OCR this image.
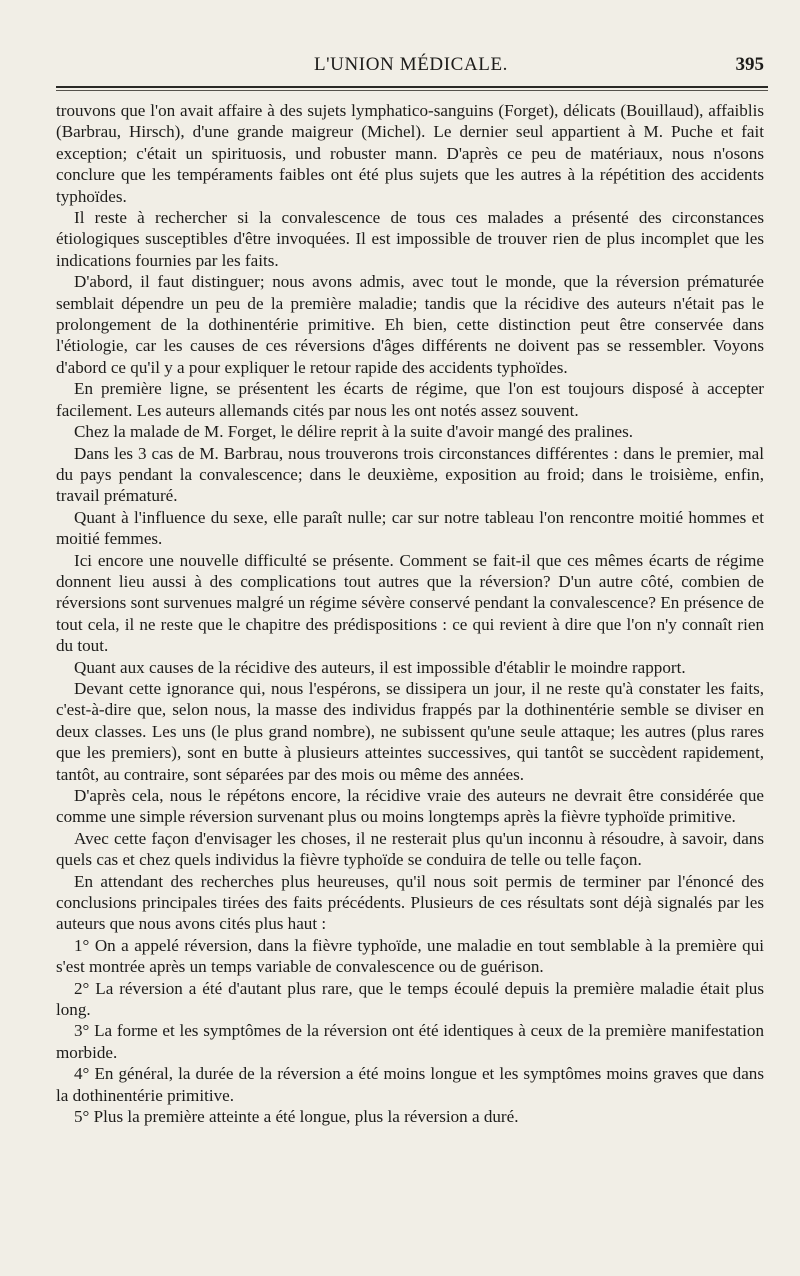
L'UNION MÉDICALE.	395

trouvons que l'on avait affaire à des sujets lymphatico-sanguins (Forget), délicats (Bouillaud), affaiblis (Barbrau, Hirsch), d'une grande maigreur (Michel). Le dernier seul appartient à M. Puche et fait exception; c'était un spirituosis, und robuster mann. D'après ce peu de matériaux, nous n'osons conclure que les tempéraments faibles ont été plus sujets que les autres à la répétition des accidents typhoïdes.

Il reste à rechercher si la convalescence de tous ces malades a présenté des circonstances étiologiques susceptibles d'être invoquées. Il est impossible de trouver rien de plus incomplet que les indications fournies par les faits.

D'abord, il faut distinguer; nous avons admis, avec tout le monde, que la réversion prématurée semblait dépendre un peu de la première maladie; tandis que la récidive des auteurs n'était pas le prolongement de la dothinentérie primitive. Eh bien, cette distinction peut être conservée dans l'étiologie, car les causes de ces réversions d'âges différents ne doivent pas se ressembler. Voyons d'abord ce qu'il y a pour expliquer le retour rapide des accidents typhoïdes.

En première ligne, se présentent les écarts de régime, que l'on est toujours disposé à accepter facilement. Les auteurs allemands cités par nous les ont notés assez souvent.

Chez la malade de M. Forget, le délire reprit à la suite d'avoir mangé des pralines.

Dans les 3 cas de M. Barbrau, nous trouverons trois circonstances différentes : dans le premier, mal du pays pendant la convalescence; dans le deuxième, exposition au froid; dans le troisième, enfin, travail prématuré.

Quant à l'influence du sexe, elle paraît nulle; car sur notre tableau l'on rencontre moitié hommes et moitié femmes.

Ici encore une nouvelle difficulté se présente. Comment se fait-il que ces mêmes écarts de régime donnent lieu aussi à des complications tout autres que la réversion? D'un autre côté, combien de réversions sont survenues malgré un régime sévère conservé pendant la convalescence? En présence de tout cela, il ne reste que le chapitre des prédispositions : ce qui revient à dire que l'on n'y connaît rien du tout.

Quant aux causes de la récidive des auteurs, il est impossible d'établir le moindre rapport.

Devant cette ignorance qui, nous l'espérons, se dissipera un jour, il ne reste qu'à constater les faits, c'est-à-dire que, selon nous, la masse des individus frappés par la dothinentérie semble se diviser en deux classes. Les uns (le plus grand nombre), ne subissent qu'une seule attaque; les autres (plus rares que les premiers), sont en butte à plusieurs atteintes successives, qui tantôt se succèdent rapidement, tantôt, au contraire, sont séparées par des mois ou même des années.

D'après cela, nous le répétons encore, la récidive vraie des auteurs ne devrait être considérée que comme une simple réversion survenant plus ou moins longtemps après la fièvre typhoïde primitive.

Avec cette façon d'envisager les choses, il ne resterait plus qu'un inconnu à résoudre, à savoir, dans quels cas et chez quels individus la fièvre typhoïde se conduira de telle ou telle façon.

En attendant des recherches plus heureuses, qu'il nous soit permis de terminer par l'énoncé des conclusions principales tirées des faits précédents. Plusieurs de ces résultats sont déjà signalés par les auteurs que nous avons cités plus haut :

1° On a appelé réversion, dans la fièvre typhoïde, une maladie en tout semblable à la première qui s'est montrée après un temps variable de convalescence ou de guérison.

2° La réversion a été d'autant plus rare, que le temps écoulé depuis la première maladie était plus long.

3° La forme et les symptômes de la réversion ont été identiques à ceux de la première manifestation morbide.

4° En général, la durée de la réversion a été moins longue et les symptômes moins graves que dans la dothinentérie primitive.

5° Plus la première atteinte a été longue, plus la réversion a duré.
